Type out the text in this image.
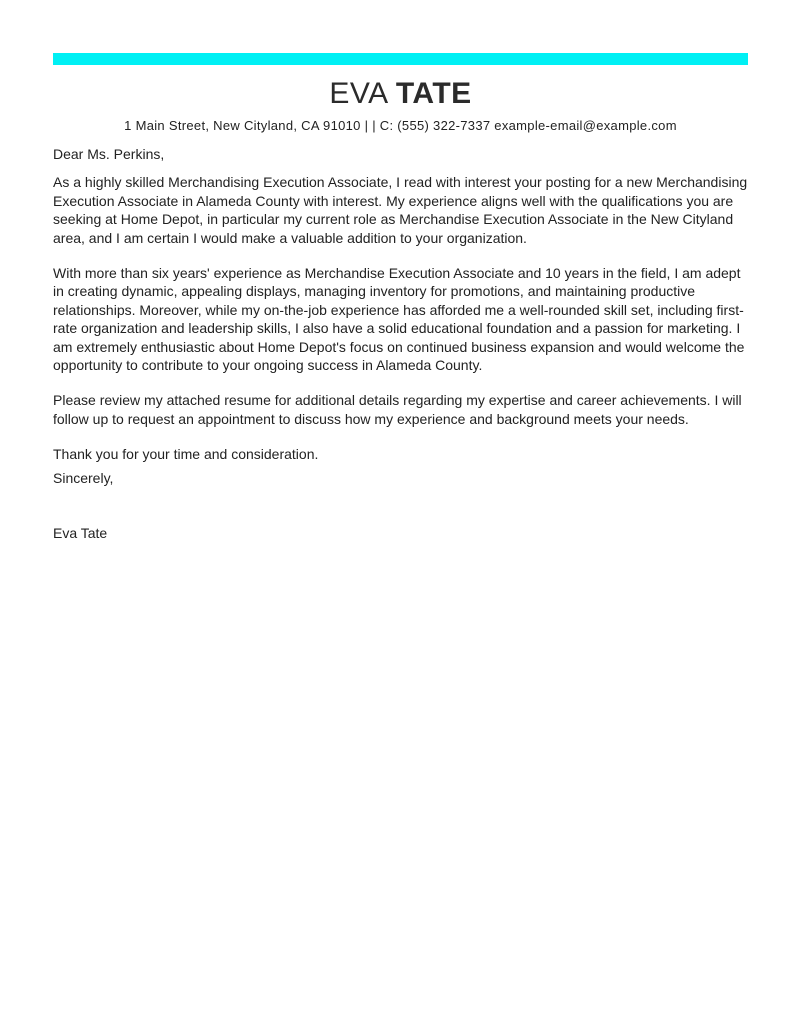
EVA TATE
1 Main Street, New Cityland, CA 91010 | | C: (555) 322-7337 example-email@example.com

Dear Ms. Perkins,

As a highly skilled Merchandising Execution Associate, I read with interest your posting for a new Merchandising Execution Associate in Alameda County with interest. My experience aligns well with the qualifications you are seeking at Home Depot, in particular my current role as Merchandise Execution Associate in the New Cityland area, and I am certain I would make a valuable addition to your organization.

With more than six years' experience as Merchandise Execution Associate and 10 years in the field, I am adept in creating dynamic, appealing displays, managing inventory for promotions, and maintaining productive relationships. Moreover, while my on-the-job experience has afforded me a well-rounded skill set, including first-rate organization and leadership skills, I also have a solid educational foundation and a passion for marketing. I am extremely enthusiastic about Home Depot's focus on continued business expansion and would welcome the opportunity to contribute to your ongoing success in Alameda County.

Please review my attached resume for additional details regarding my expertise and career achievements. I will follow up to request an appointment to discuss how my experience and background meets your needs.

Thank you for your time and consideration.

Sincerely,

Eva Tate
